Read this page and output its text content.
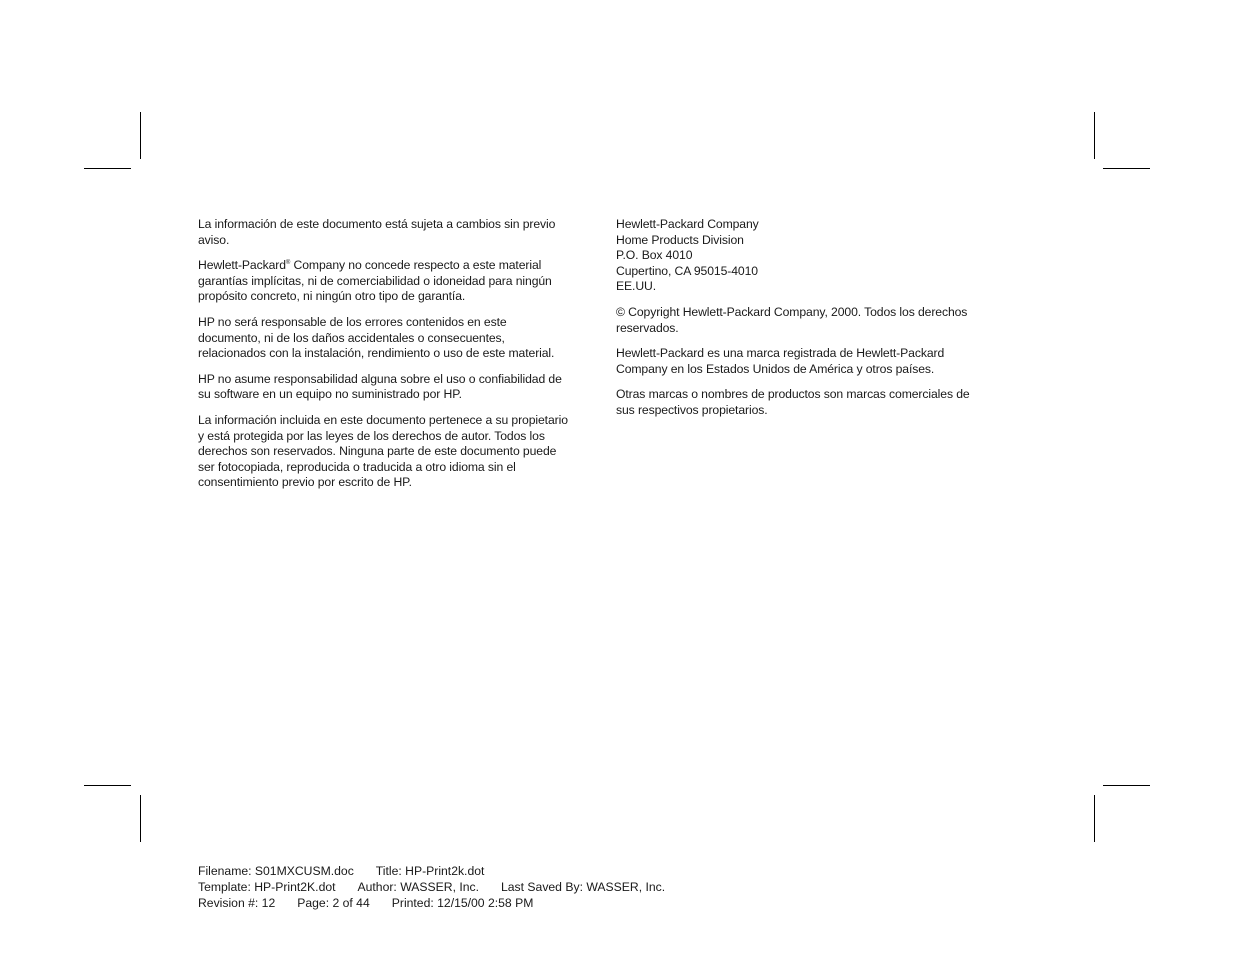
La información de este documento está sujeta a cambios sin previo aviso.

Hewlett-Packard® Company no concede respecto a este material garantías implícitas, ni de comerciabilidad o idoneidad para ningún propósito concreto, ni ningún otro tipo de garantía.

HP no será responsable de los errores contenidos en este documento, ni de los daños accidentales o consecuentes, relacionados con la instalación, rendimiento o uso de este material.

HP no asume responsabilidad alguna sobre el uso o confiabilidad de su software en un equipo no suministrado por HP.

La información incluida en este documento pertenece a su propietario y está protegida por las leyes de los derechos de autor. Todos los derechos son reservados. Ninguna parte de este documento puede ser fotocopiada, reproducida o traducida a otro idioma sin el consentimiento previo por escrito de HP.

Hewlett-Packard Company
Home Products Division
P.O. Box 4010
Cupertino, CA 95015-4010
EE.UU.

© Copyright Hewlett-Packard Company, 2000. Todos los derechos reservados.

Hewlett-Packard es una marca registrada de Hewlett-Packard Company en los Estados Unidos de América y otros países.

Otras marcas o nombres de productos son marcas comerciales de sus respectivos propietarios.

Filename: S01MXCUSM.doc Title: HP-Print2k.dot
Template: HP-Print2K.dot Author: WASSER, Inc. Last Saved By: WASSER, Inc.
Revision #: 12 Page: 2 of 44 Printed: 12/15/00 2:58 PM
